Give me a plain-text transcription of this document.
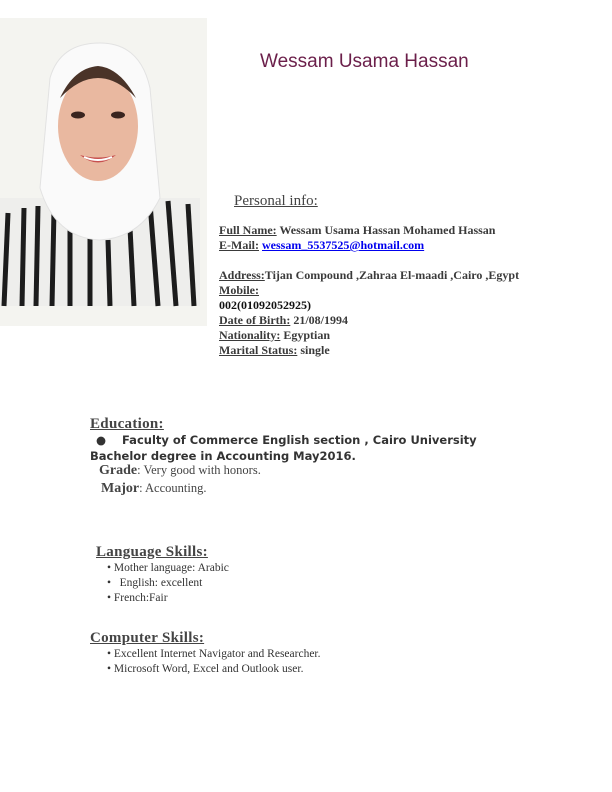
Wessam Usama Hassan
Personal info:
Full Name: Wessam Usama Hassan Mohamed Hassan
E-Mail: wessam_5537525@hotmail.com
Address:Tijan Compound ,Zahraa El-maadi ,Cairo ,Egypt
Mobile:
002(01092052925)
Date of Birth: 21/08/1994
Nationality: Egyptian
Marital Status: single
Education:
● Faculty of Commerce English section , Cairo University Bachelor degree in Accounting May2016.
Grade: Very good with honors.
Major: Accounting.
Language Skills:
• Mother language: Arabic
•   English: excellent
• French:Fair
Computer Skills:
• Excellent Internet Navigator and Researcher.
• Microsoft Word, Excel and Outlook user.
